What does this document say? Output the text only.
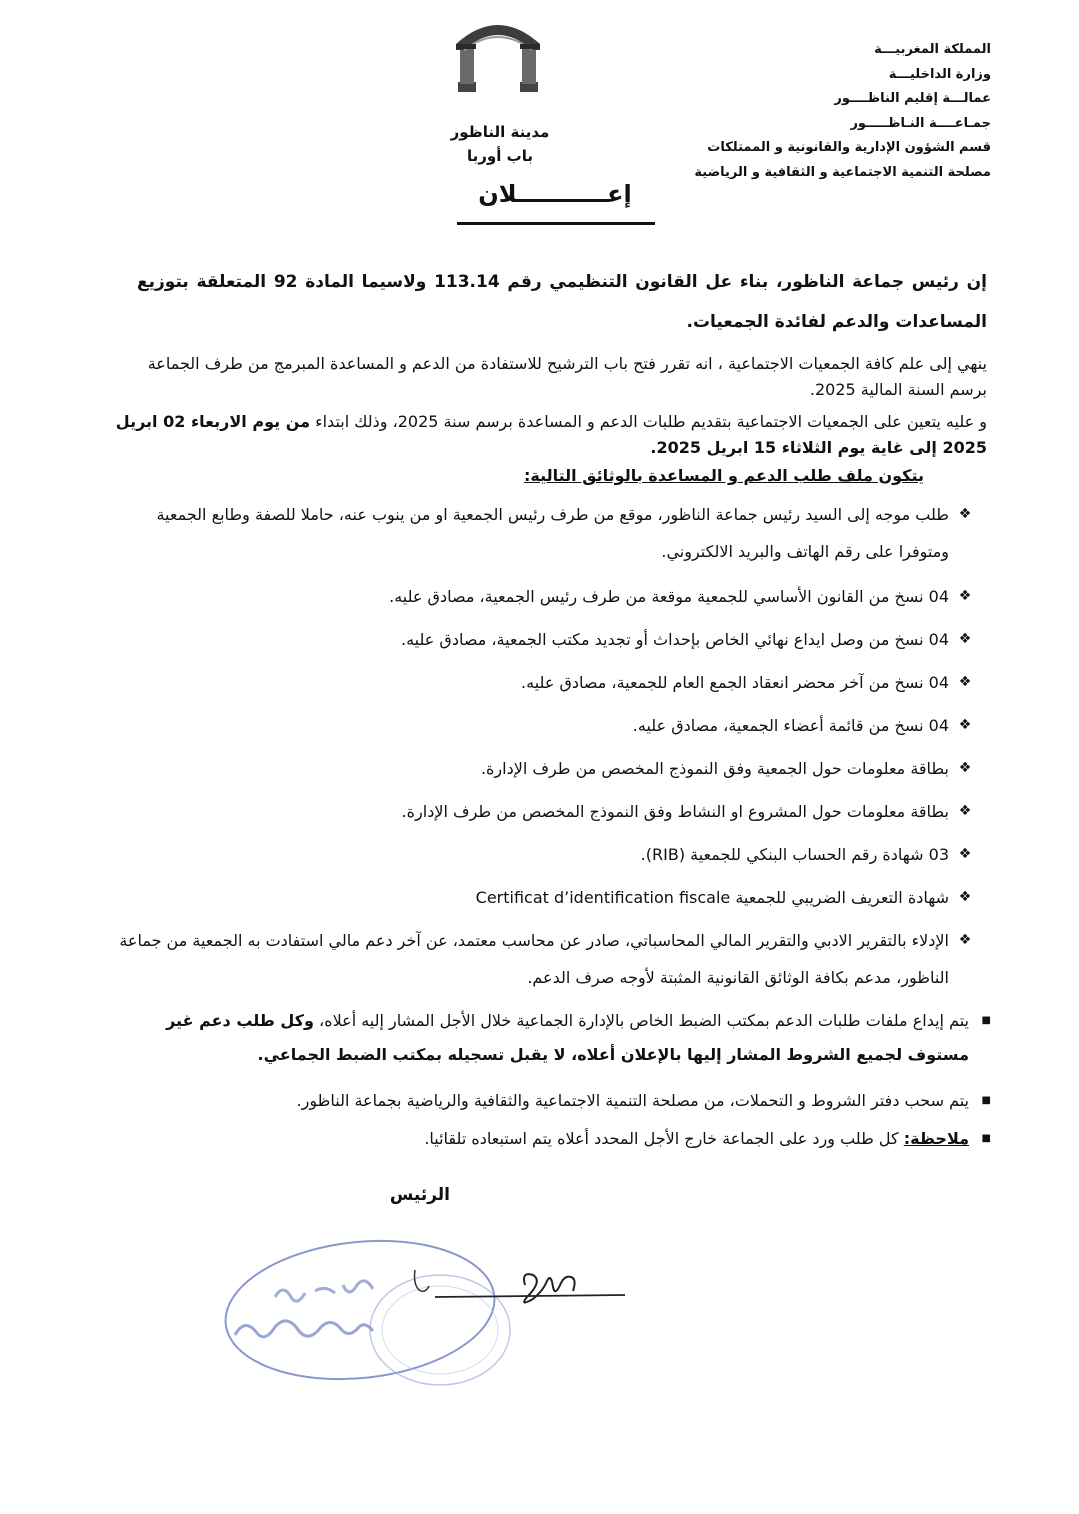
المملكة المغربيـــة
وزارة الداخليـــة
عمالـــة إقليم الناظــــور
جمـاعــــة النـاظـــــور
قسم الشؤون الإدارية والقانونية و الممتلكات
مصلحة التنمية الاجتماعية و الثقافية و الرياضية
مدينة الناظور
باب أوربا
إعـــــــــــلان
إن رئيس جماعة الناظور، بناء عل القانون التنظيمي رقم 113.14 ولاسيما المادة 92 المتعلقة بتوزيع المساعدات والدعم لفائدة الجمعيات.
ينهي إلى علم كافة الجمعيات الاجتماعية ، انه تقرر فتح باب الترشيح للاستفادة من الدعم و المساعدة المبرمج من طرف الجماعة برسم السنة المالية 2025.
و عليه يتعين على الجمعيات الاجتماعية بتقديم طلبات الدعم و المساعدة برسم سنة 2025، وذلك ابتداء من يوم الاربعاء 02 ابريل 2025 إلى غاية يوم الثلاثاء 15 ابريل 2025.
يتكون ملف طلب الدعم و المساعدة بالوثائق التالية:
❖
طلب موجه إلى السيد رئيس جماعة الناظور، موقع من طرف رئيس الجمعية او من ينوب عنه، حاملا للصفة وطابع الجمعية ومتوفرا على رقم الهاتف والبريد الالكتروني.
❖
04 نسخ من القانون الأساسي للجمعية موقعة من طرف رئيس الجمعية، مصادق عليه.
❖
04 نسخ من وصل ايداع نهائي الخاص بإحداث أو تجديد مكتب الجمعية، مصادق عليه.
❖
04 نسخ من آخر محضر انعقاد الجمع العام للجمعية، مصادق عليه.
❖
04 نسخ من قائمة أعضاء الجمعية، مصادق عليه.
❖
بطاقة معلومات حول الجمعية وفق النموذج المخصص من طرف الإدارة.
❖
بطاقة معلومات حول المشروع او النشاط وفق النموذج المخصص من طرف الإدارة.
❖
03 شهادة رقم الحساب البنكي للجمعية (RIB).
❖
شهادة التعريف الضريبي للجمعية Certificat d’identification fiscale
❖
الإدلاء بالتقرير الادبي والتقرير المالي المحاسباتي، صادر عن محاسب معتمد، عن آخر دعم مالي استفادت به الجمعية من جماعة الناظور، مدعم بكافة الوثائق القانونية المثبتة لأوجه صرف الدعم.
■
يتم إيداع ملفات طلبات الدعم بمكتب الضبط الخاص بالإدارة الجماعية خلال الأجل المشار إليه أعلاه، وكل طلب دعم غير مستوف لجميع الشروط المشار إليها بالإعلان أعلاه، لا يقبل تسجيله بمكتب الضبط الجماعي.
■
يتم سحب دفتر الشروط و التحملات، من مصلحة التنمية الاجتماعية والثقافية والرياضية بجماعة الناظور.
■
ملاحظة: كل طلب ورد على الجماعة خارج الأجل المحدد أعلاه يتم استبعاده تلقائيا.
الرئيس
